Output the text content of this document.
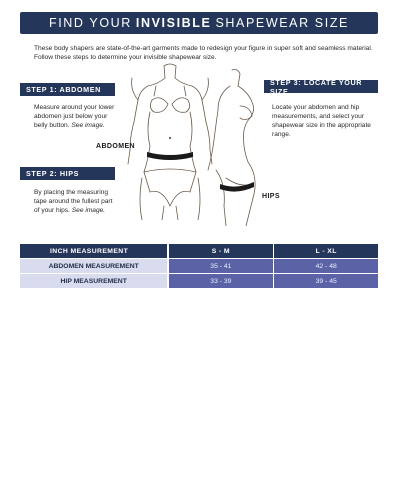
FIND YOUR INVISIBLE SHAPEWEAR SIZE
These body shapers are state-of-the-art garments made to redesign your figure in super soft and seamless material. Follow these steps to determine your invisible shapewear size.
STEP 1: ABDOMEN
Measure around your lower abdomen just below your belly button. See image.
STEP 2: HIPS
By placing the measuring tape around the fullest part of your hips. See image.
STEP 3: LOCATE YOUR SIZE
Locate your abdomen and hip measurements, and select your shapewear size in the appropriate range.
ABDOMEN
HIPS
INCH MEASUREMENT		S - M		L - XL
ABDOMEN MEASUREMENT		35 - 41		42 - 48
HIP MEASUREMENT		33 - 39		39 - 45
